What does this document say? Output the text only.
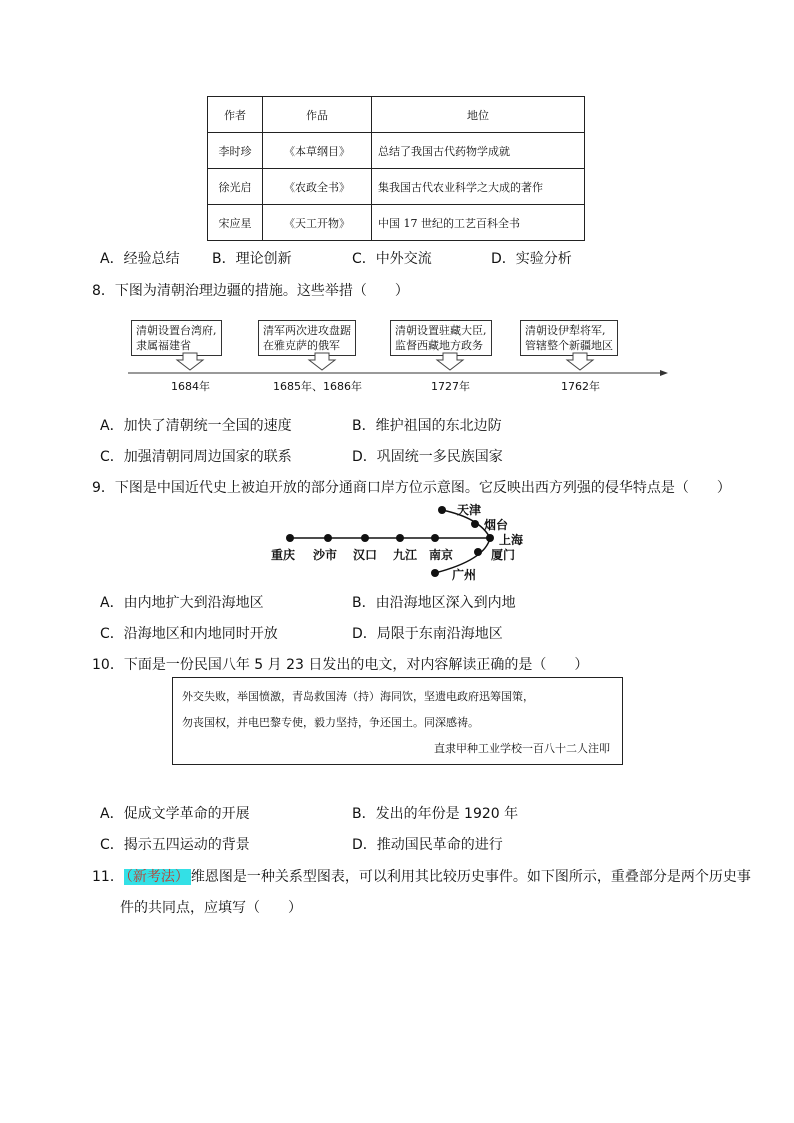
作者	作品	地位
李时珍	《本草纲目》	总结了我国古代药物学成就
徐光启	《农政全书》	集我国古代农业科学之大成的著作
宋应星	《天工开物》	中国 17 世纪的工艺百科全书
A．经验总结 B．理论创新	C．中外交流	D．实验分析
8．下图为清朝治理边疆的措施。这些举措（　　）
清朝设置台湾府,
隶属福建省
清军两次进攻盘踞
在雅克萨的俄军
清朝设置驻藏大臣,
监督西藏地方政务
清朝设伊犁将军,
管辖整个新疆地区
1684年	1685年、1686年	1727年	1762年
A．加快了清朝统一全国的速度	B．维护祖国的东北边防
C．加强清朝同周边国家的联系	D．巩固统一多民族国家
9．下图是中国近代史上被迫开放的部分通商口岸方位示意图。它反映出西方列强的侵华特点是（　　）
重庆 沙市 汉口 九江 南京
天津
烟台
上海
厦门
广州
A．由内地扩大到沿海地区	B．由沿海地区深入到内地
C．沿海地区和内地同时开放	D．局限于东南沿海地区
10．下面是一份民国八年 5 月 23 日发出的电文，对内容解读正确的是（　　）
外交失败，举国愤激，青岛救国涛（持）海同饮，坚遗电政府迅筹国策，
勿丧国权，并电巴黎专使，毅力坚持，争还国土。同深感祷。
直隶甲种工业学校一百八十二人注叩
A．促成文学革命的开展	B．发出的年份是 1920 年
C．揭示五四运动的背景	D．推动国民革命的进行
11． （新考法） 维恩图是一种关系型图表，可以利用其比较历史事件。如下图所示，重叠部分是两个历史事
件的共同点，应填写（　　）
